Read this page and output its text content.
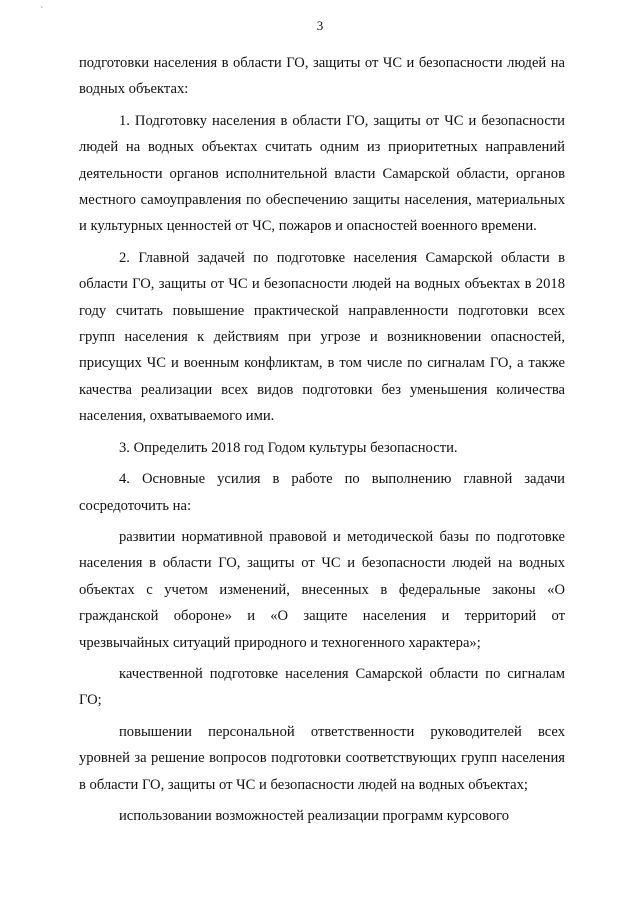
`
3

подготовки населения в области ГО, защиты от ЧС и безопасности людей на водных объектах:

1. Подготовку населения в области ГО, защиты от ЧС и безопасности людей на водных объектах считать одним из приоритетных направлений деятельности органов исполнительной власти Самарской области, органов местного самоуправления по обеспечению защиты населения, материальных и культурных ценностей от ЧС, пожаров и опасностей военного времени.

2. Главной задачей по подготовке населения Самарской области в области ГО, защиты от ЧС и безопасности людей на водных объектах в 2018 году считать повышение практической направленности подготовки всех групп населения к действиям при угрозе и возникновении опасностей, присущих ЧС и военным конфликтам, в том числе по сигналам ГО, а также качества реализации всех видов подготовки без уменьшения количества населения, охватываемого ими.

3. Определить 2018 год Годом культуры безопасности.

4. Основные усилия в работе по выполнению главной задачи сосредоточить на:

развитии нормативной правовой и методической базы по подготовке населения в области ГО, защиты от ЧС и безопасности людей на водных объектах с учетом изменений, внесенных в федеральные законы «О гражданской обороне» и «О защите населения и территорий от чрезвычайных ситуаций природного и техногенного характера»;

качественной подготовке населения Самарской области по сигналам ГО;

повышении персональной ответственности руководителей всех уровней за решение вопросов подготовки соответствующих групп населения в области ГО, защиты от ЧС и безопасности людей на водных объектах;

использовании возможностей реализации программ курсового
